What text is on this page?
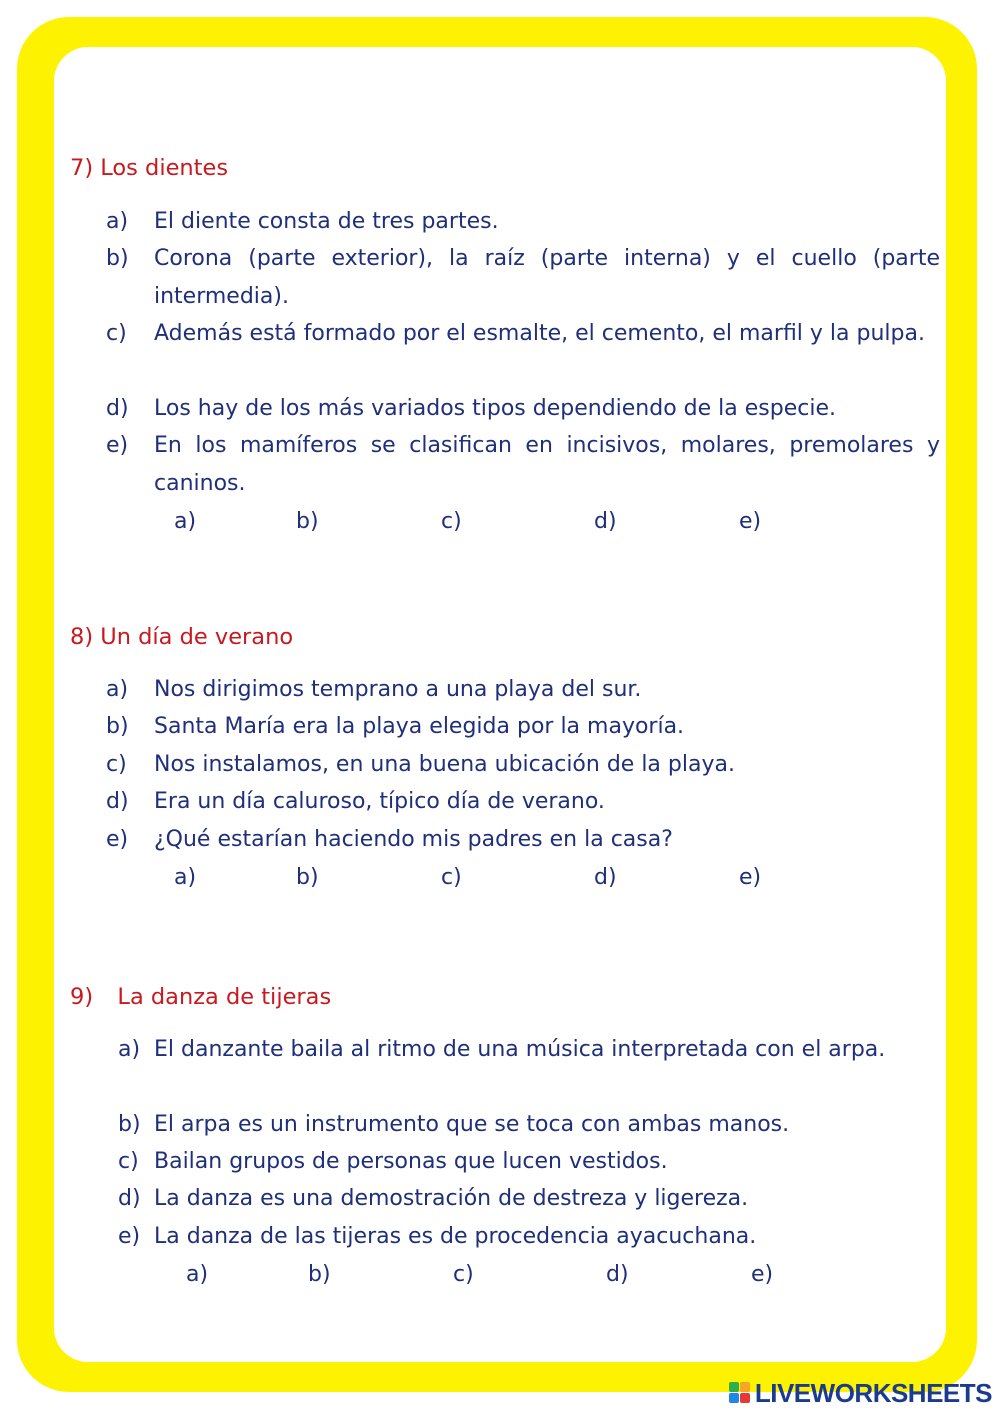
7) Los dientes
a) El diente consta de tres partes.
b) Corona (parte exterior), la raíz (parte interna) y el cuello (parte intermedia).
c) Además está formado por el esmalte, el cemento, el marfil y la pulpa.
d) Los hay de los más variados tipos dependiendo de la especie.
e) En los mamíferos se clasifican en incisivos, molares, premolares y caninos.
a)	b)	c)	d)	e)
8) Un día de verano
a) Nos dirigimos temprano a una playa del sur.
b) Santa María era la playa elegida por la mayoría.
c) Nos instalamos, en una buena ubicación de la playa.
d) Era un día caluroso, típico día de verano.
e) ¿Qué estarían haciendo mis padres en la casa?
a)	b)	c)	d)	e)
9) La danza de tijeras
a) El danzante baila al ritmo de una música interpretada con el arpa.
b) El arpa es un instrumento que se toca con ambas manos.
c) Bailan grupos de personas que lucen vestidos.
d) La danza es una demostración de destreza y ligereza.
e) La danza de las tijeras es de procedencia ayacuchana.
a)	b)	c)	d)	e)
LIVEWORKSHEETS
